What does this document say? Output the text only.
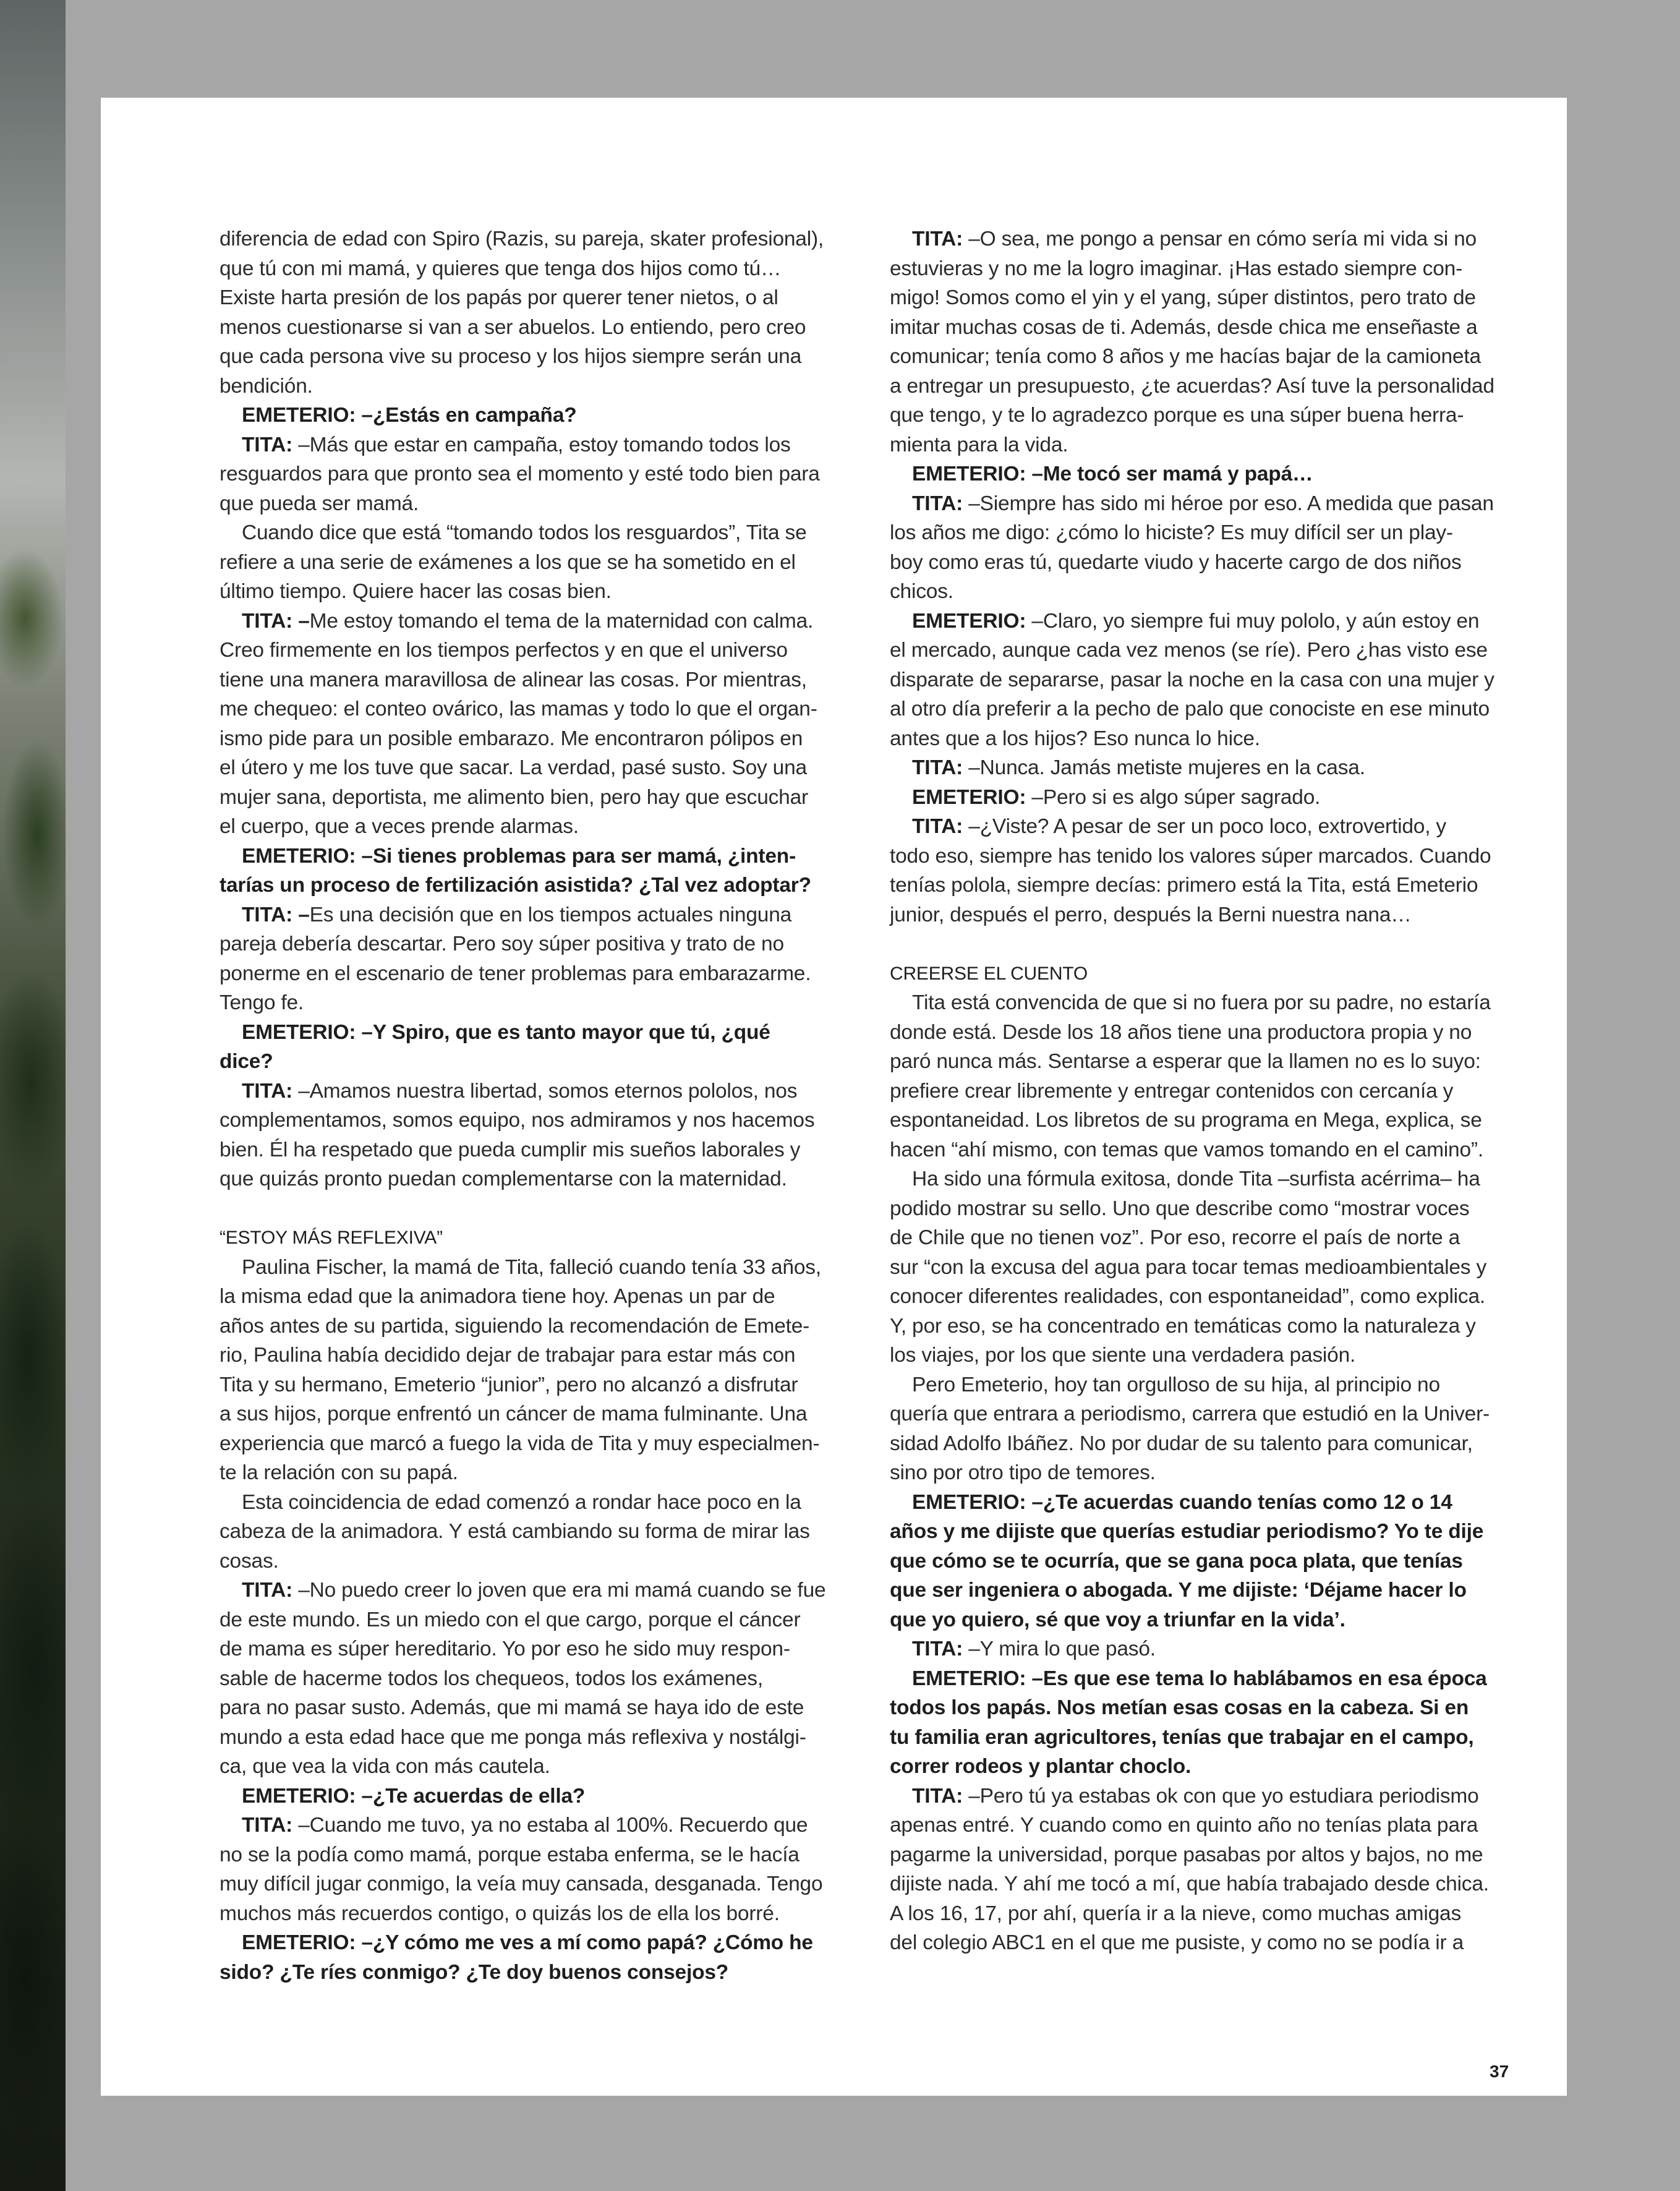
diferencia de edad con Spiro (Razis, su pareja, skater profesional),
que tú con mi mamá, y quieres que tenga dos hijos como tú…
Existe harta presión de los papás por querer tener nietos, o al
menos cuestionarse si van a ser abuelos. Lo entiendo, pero creo
que cada persona vive su proceso y los hijos siempre serán una
bendición.
EMETERIO: –¿Estás en campaña?
TITA: –Más que estar en campaña, estoy tomando todos los
resguardos para que pronto sea el momento y esté todo bien para
que pueda ser mamá.
Cuando dice que está “tomando todos los resguardos”, Tita se
refiere a una serie de exámenes a los que se ha sometido en el
último tiempo. Quiere hacer las cosas bien.
TITA: –Me estoy tomando el tema de la maternidad con calma.
Creo firmemente en los tiempos perfectos y en que el universo
tiene una manera maravillosa de alinear las cosas. Por mientras,
me chequeo: el conteo ovárico, las mamas y todo lo que el organ-
ismo pide para un posible embarazo. Me encontraron pólipos en
el útero y me los tuve que sacar. La verdad, pasé susto. Soy una
mujer sana, deportista, me alimento bien, pero hay que escuchar
el cuerpo, que a veces prende alarmas.
EMETERIO: –Si tienes problemas para ser mamá, ¿inten-
tarías un proceso de fertilización asistida? ¿Tal vez adoptar?
TITA: –Es una decisión que en los tiempos actuales ninguna
pareja debería descartar. Pero soy súper positiva y trato de no
ponerme en el escenario de tener problemas para embarazarme.
Tengo fe.
EMETERIO: –Y Spiro, que es tanto mayor que tú, ¿qué
dice?
TITA: –Amamos nuestra libertad, somos eternos pololos, nos
complementamos, somos equipo, nos admiramos y nos hacemos
bien. Él ha respetado que pueda cumplir mis sueños laborales y
que quizás pronto puedan complementarse con la maternidad.
“ESTOY MÁS REFLEXIVA”
Paulina Fischer, la mamá de Tita, falleció cuando tenía 33 años,
la misma edad que la animadora tiene hoy. Apenas un par de
años antes de su partida, siguiendo la recomendación de Emete-
rio, Paulina había decidido dejar de trabajar para estar más con
Tita y su hermano, Emeterio “junior”, pero no alcanzó a disfrutar
a sus hijos, porque enfrentó un cáncer de mama fulminante. Una
experiencia que marcó a fuego la vida de Tita y muy especialmen-
te la relación con su papá.
Esta coincidencia de edad comenzó a rondar hace poco en la
cabeza de la animadora. Y está cambiando su forma de mirar las
cosas.
TITA: –No puedo creer lo joven que era mi mamá cuando se fue
de este mundo. Es un miedo con el que cargo, porque el cáncer
de mama es súper hereditario. Yo por eso he sido muy respon-
sable de hacerme todos los chequeos, todos los exámenes,
para no pasar susto. Además, que mi mamá se haya ido de este
mundo a esta edad hace que me ponga más reflexiva y nostálgi-
ca, que vea la vida con más cautela.
EMETERIO: –¿Te acuerdas de ella?
TITA: –Cuando me tuvo, ya no estaba al 100%. Recuerdo que
no se la podía como mamá, porque estaba enferma, se le hacía
muy difícil jugar conmigo, la veía muy cansada, desganada. Tengo
muchos más recuerdos contigo, o quizás los de ella los borré.
EMETERIO: –¿Y cómo me ves a mí como papá? ¿Cómo he
sido? ¿Te ríes conmigo? ¿Te doy buenos consejos?
TITA: –O sea, me pongo a pensar en cómo sería mi vida si no
estuvieras y no me la logro imaginar. ¡Has estado siempre con-
migo! Somos como el yin y el yang, súper distintos, pero trato de
imitar muchas cosas de ti. Además, desde chica me enseñaste a
comunicar; tenía como 8 años y me hacías bajar de la camioneta
a entregar un presupuesto, ¿te acuerdas? Así tuve la personalidad
que tengo, y te lo agradezco porque es una súper buena herra-
mienta para la vida.
EMETERIO: –Me tocó ser mamá y papá…
TITA: –Siempre has sido mi héroe por eso. A medida que pasan
los años me digo: ¿cómo lo hiciste? Es muy difícil ser un play-
boy como eras tú, quedarte viudo y hacerte cargo de dos niños
chicos.
EMETERIO: –Claro, yo siempre fui muy pololo, y aún estoy en
el mercado, aunque cada vez menos (se ríe). Pero ¿has visto ese
disparate de separarse, pasar la noche en la casa con una mujer y
al otro día preferir a la pecho de palo que conociste en ese minuto
antes que a los hijos? Eso nunca lo hice.
TITA: –Nunca. Jamás metiste mujeres en la casa.
EMETERIO: –Pero si es algo súper sagrado.
TITA: –¿Viste? A pesar de ser un poco loco, extrovertido, y
todo eso, siempre has tenido los valores súper marcados. Cuando
tenías polola, siempre decías: primero está la Tita, está Emeterio
junior, después el perro, después la Berni nuestra nana…
CREERSE EL CUENTO
Tita está convencida de que si no fuera por su padre, no estaría
donde está. Desde los 18 años tiene una productora propia y no
paró nunca más. Sentarse a esperar que la llamen no es lo suyo:
prefiere crear libremente y entregar contenidos con cercanía y
espontaneidad. Los libretos de su programa en Mega, explica, se
hacen “ahí mismo, con temas que vamos tomando en el camino”.
Ha sido una fórmula exitosa, donde Tita –surfista acérrima– ha
podido mostrar su sello. Uno que describe como “mostrar voces
de Chile que no tienen voz”. Por eso, recorre el país de norte a
sur “con la excusa del agua para tocar temas medioambientales y
conocer diferentes realidades, con espontaneidad”, como explica.
Y, por eso, se ha concentrado en temáticas como la naturaleza y
los viajes, por los que siente una verdadera pasión.
Pero Emeterio, hoy tan orgulloso de su hija, al principio no
quería que entrara a periodismo, carrera que estudió en la Univer-
sidad Adolfo Ibáñez. No por dudar de su talento para comunicar,
sino por otro tipo de temores.
EMETERIO: –¿Te acuerdas cuando tenías como 12 o 14
años y me dijiste que querías estudiar periodismo? Yo te dije
que cómo se te ocurría, que se gana poca plata, que tenías
que ser ingeniera o abogada. Y me dijiste: ‘Déjame hacer lo
que yo quiero, sé que voy a triunfar en la vida’.
TITA: –Y mira lo que pasó.
EMETERIO: –Es que ese tema lo hablábamos en esa época
todos los papás. Nos metían esas cosas en la cabeza. Si en
tu familia eran agricultores, tenías que trabajar en el campo,
correr rodeos y plantar choclo.
TITA: –Pero tú ya estabas ok con que yo estudiara periodismo
apenas entré. Y cuando como en quinto año no tenías plata para
pagarme la universidad, porque pasabas por altos y bajos, no me
dijiste nada. Y ahí me tocó a mí, que había trabajado desde chica.
A los 16, 17, por ahí, quería ir a la nieve, como muchas amigas
del colegio ABC1 en el que me pusiste, y como no se podía ir a
37
